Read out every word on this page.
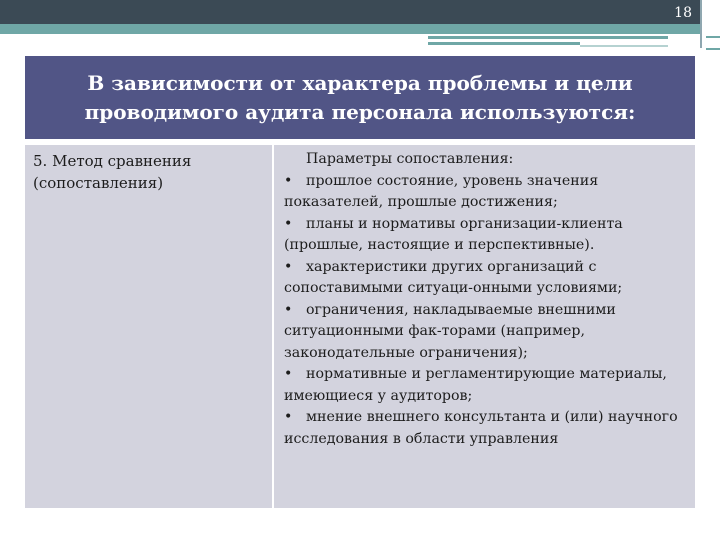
18
В зависимости от характера проблемы и цели проводимого аудита персонала используются:
5. Метод сравнения (сопоставления)
Параметры сопоставления:
• прошлое состояние, уровень значения показателей, прошлые достижения;
• планы и нормативы организации-клиента (прошлые, настоящие и перспективные).
• характеристики других организаций с сопоставимыми ситуаци-онными условиями;
• ограничения, накладываемые внешними ситуационными фак-торами (например, законодательные ограничения);
• нормативные и регламентирующие материалы, имеющиеся у аудиторов;
• мнение внешнего консультанта и (или) научного исследования в области управления
